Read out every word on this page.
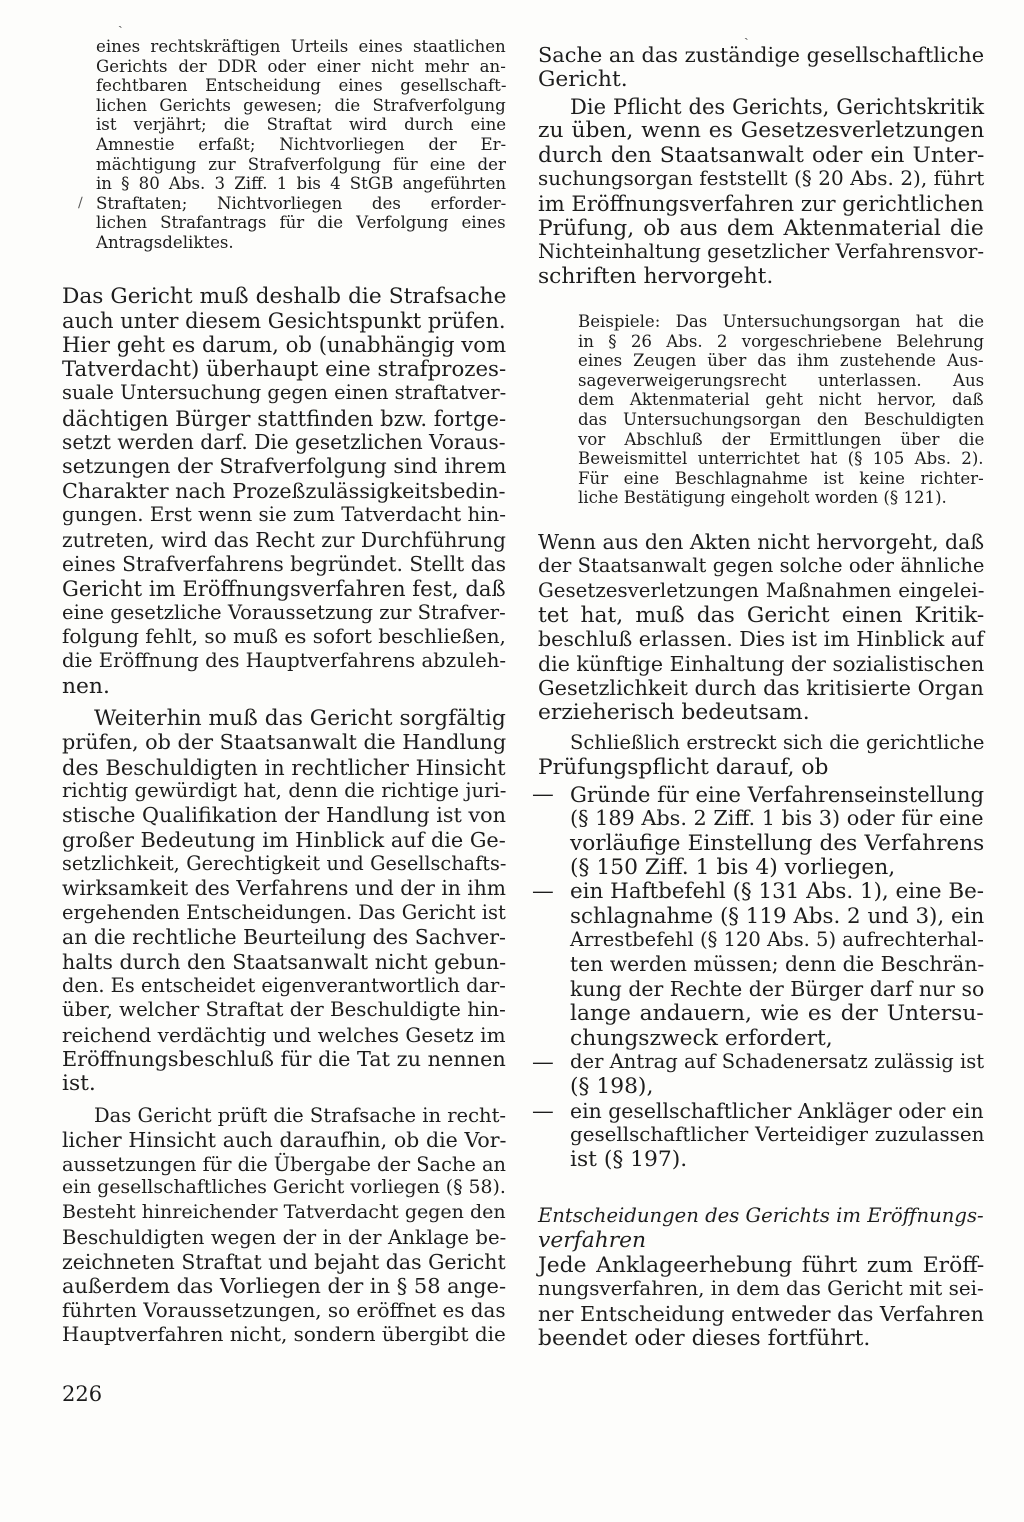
eines rechtskräftigen Urteils eines staatlichen
Gerichts der DDR oder einer nicht mehr an-
fechtbaren Entscheidung eines gesellschaft-
lichen Gerichts gewesen; die Strafverfolgung
ist verjährt; die Straftat wird durch eine
Amnestie erfaßt; Nichtvorliegen der Er-
mächtigung zur Strafverfolgung für eine der
in § 80 Abs. 3 Ziff. 1 bis 4 StGB angeführten
Straftaten; Nichtvorliegen des erforder-
lichen Strafantrags für die Verfolgung eines
Antragsdeliktes.
Das Gericht muß deshalb die Strafsache
auch unter diesem Gesichtspunkt prüfen.
Hier geht es darum, ob (unabhängig vom
Tatverdacht) überhaupt eine strafprozes-
suale Untersuchung gegen einen straftatver-
dächtigen Bürger stattfinden bzw. fortge-
setzt werden darf. Die gesetzlichen Voraus-
setzungen der Strafverfolgung sind ihrem
Charakter nach Prozeßzulässigkeitsbedin-
gungen. Erst wenn sie zum Tatverdacht hin-
zutreten, wird das Recht zur Durchführung
eines Strafverfahrens begründet. Stellt das
Gericht im Eröffnungsverfahren fest, daß
eine gesetzliche Voraussetzung zur Strafver-
folgung fehlt, so muß es sofort beschließen,
die Eröffnung des Hauptverfahrens abzuleh-
nen.
Weiterhin muß das Gericht sorgfältig
prüfen, ob der Staatsanwalt die Handlung
des Beschuldigten in rechtlicher Hinsicht
richtig gewürdigt hat, denn die richtige juri-
stische Qualifikation der Handlung ist von
großer Bedeutung im Hinblick auf die Ge-
setzlichkeit, Gerechtigkeit und Gesellschafts-
wirksamkeit des Verfahrens und der in ihm
ergehenden Entscheidungen. Das Gericht ist
an die rechtliche Beurteilung des Sachver-
halts durch den Staatsanwalt nicht gebun-
den. Es entscheidet eigenverantwortlich dar-
über, welcher Straftat der Beschuldigte hin-
reichend verdächtig und welches Gesetz im
Eröffnungsbeschluß für die Tat zu nennen
ist.
Das Gericht prüft die Strafsache in recht-
licher Hinsicht auch daraufhin, ob die Vor-
aussetzungen für die Übergabe der Sache an
ein gesellschaftliches Gericht vorliegen (§ 58).
Besteht hinreichender Tatverdacht gegen den
Beschuldigten wegen der in der Anklage be-
zeichneten Straftat und bejaht das Gericht
außerdem das Vorliegen der in § 58 ange-
führten Voraussetzungen, so eröffnet es das
Hauptverfahren nicht, sondern übergibt die
Sache an das zuständige gesellschaftliche
Gericht.
Die Pflicht des Gerichts, Gerichtskritik
zu üben, wenn es Gesetzesverletzungen
durch den Staatsanwalt oder ein Unter-
suchungsorgan feststellt (§ 20 Abs. 2), führt
im Eröffnungsverfahren zur gerichtlichen
Prüfung, ob aus dem Aktenmaterial die
Nichteinhaltung gesetzlicher Verfahrensvor-
schriften hervorgeht.
Beispiele: Das Untersuchungsorgan hat die
in § 26 Abs. 2 vorgeschriebene Belehrung
eines Zeugen über das ihm zustehende Aus-
sageverweigerungsrecht unterlassen. Aus
dem Aktenmaterial geht nicht hervor, daß
das Untersuchungsorgan den Beschuldigten
vor Abschluß der Ermittlungen über die
Beweismittel unterrichtet hat (§ 105 Abs. 2).
Für eine Beschlagnahme ist keine richter-
liche Bestätigung eingeholt worden (§ 121).
Wenn aus den Akten nicht hervorgeht, daß
der Staatsanwalt gegen solche oder ähnliche
Gesetzesverletzungen Maßnahmen eingelei-
tet hat, muß das Gericht einen Kritik-
beschluß erlassen. Dies ist im Hinblick auf
die künftige Einhaltung der sozialistischen
Gesetzlichkeit durch das kritisierte Organ
erzieherisch bedeutsam.
Schließlich erstreckt sich die gerichtliche
Prüfungspflicht darauf, ob
— Gründe für eine Verfahrenseinstellung
(§ 189 Abs. 2 Ziff. 1 bis 3) oder für eine
vorläufige Einstellung des Verfahrens
(§ 150 Ziff. 1 bis 4) vorliegen,
— ein Haftbefehl (§ 131 Abs. 1), eine Be-
schlagnahme (§ 119 Abs. 2 und 3), ein
Arrestbefehl (§ 120 Abs. 5) aufrechterhal-
ten werden müssen; denn die Beschrän-
kung der Rechte der Bürger darf nur so
lange andauern, wie es der Untersu-
chungszweck erfordert,
— der Antrag auf Schadenersatz zulässig ist
(§ 198),
— ein gesellschaftlicher Ankläger oder ein
gesellschaftlicher Verteidiger zuzulassen
ist (§ 197).
Entscheidungen des Gerichts im Eröffnungs-
verfahren
Jede Anklageerhebung führt zum Eröff-
nungsverfahren, in dem das Gericht mit sei-
ner Entscheidung entweder das Verfahren
beendet oder dieses fortführt.
226
ˏ
∕
ˏ
